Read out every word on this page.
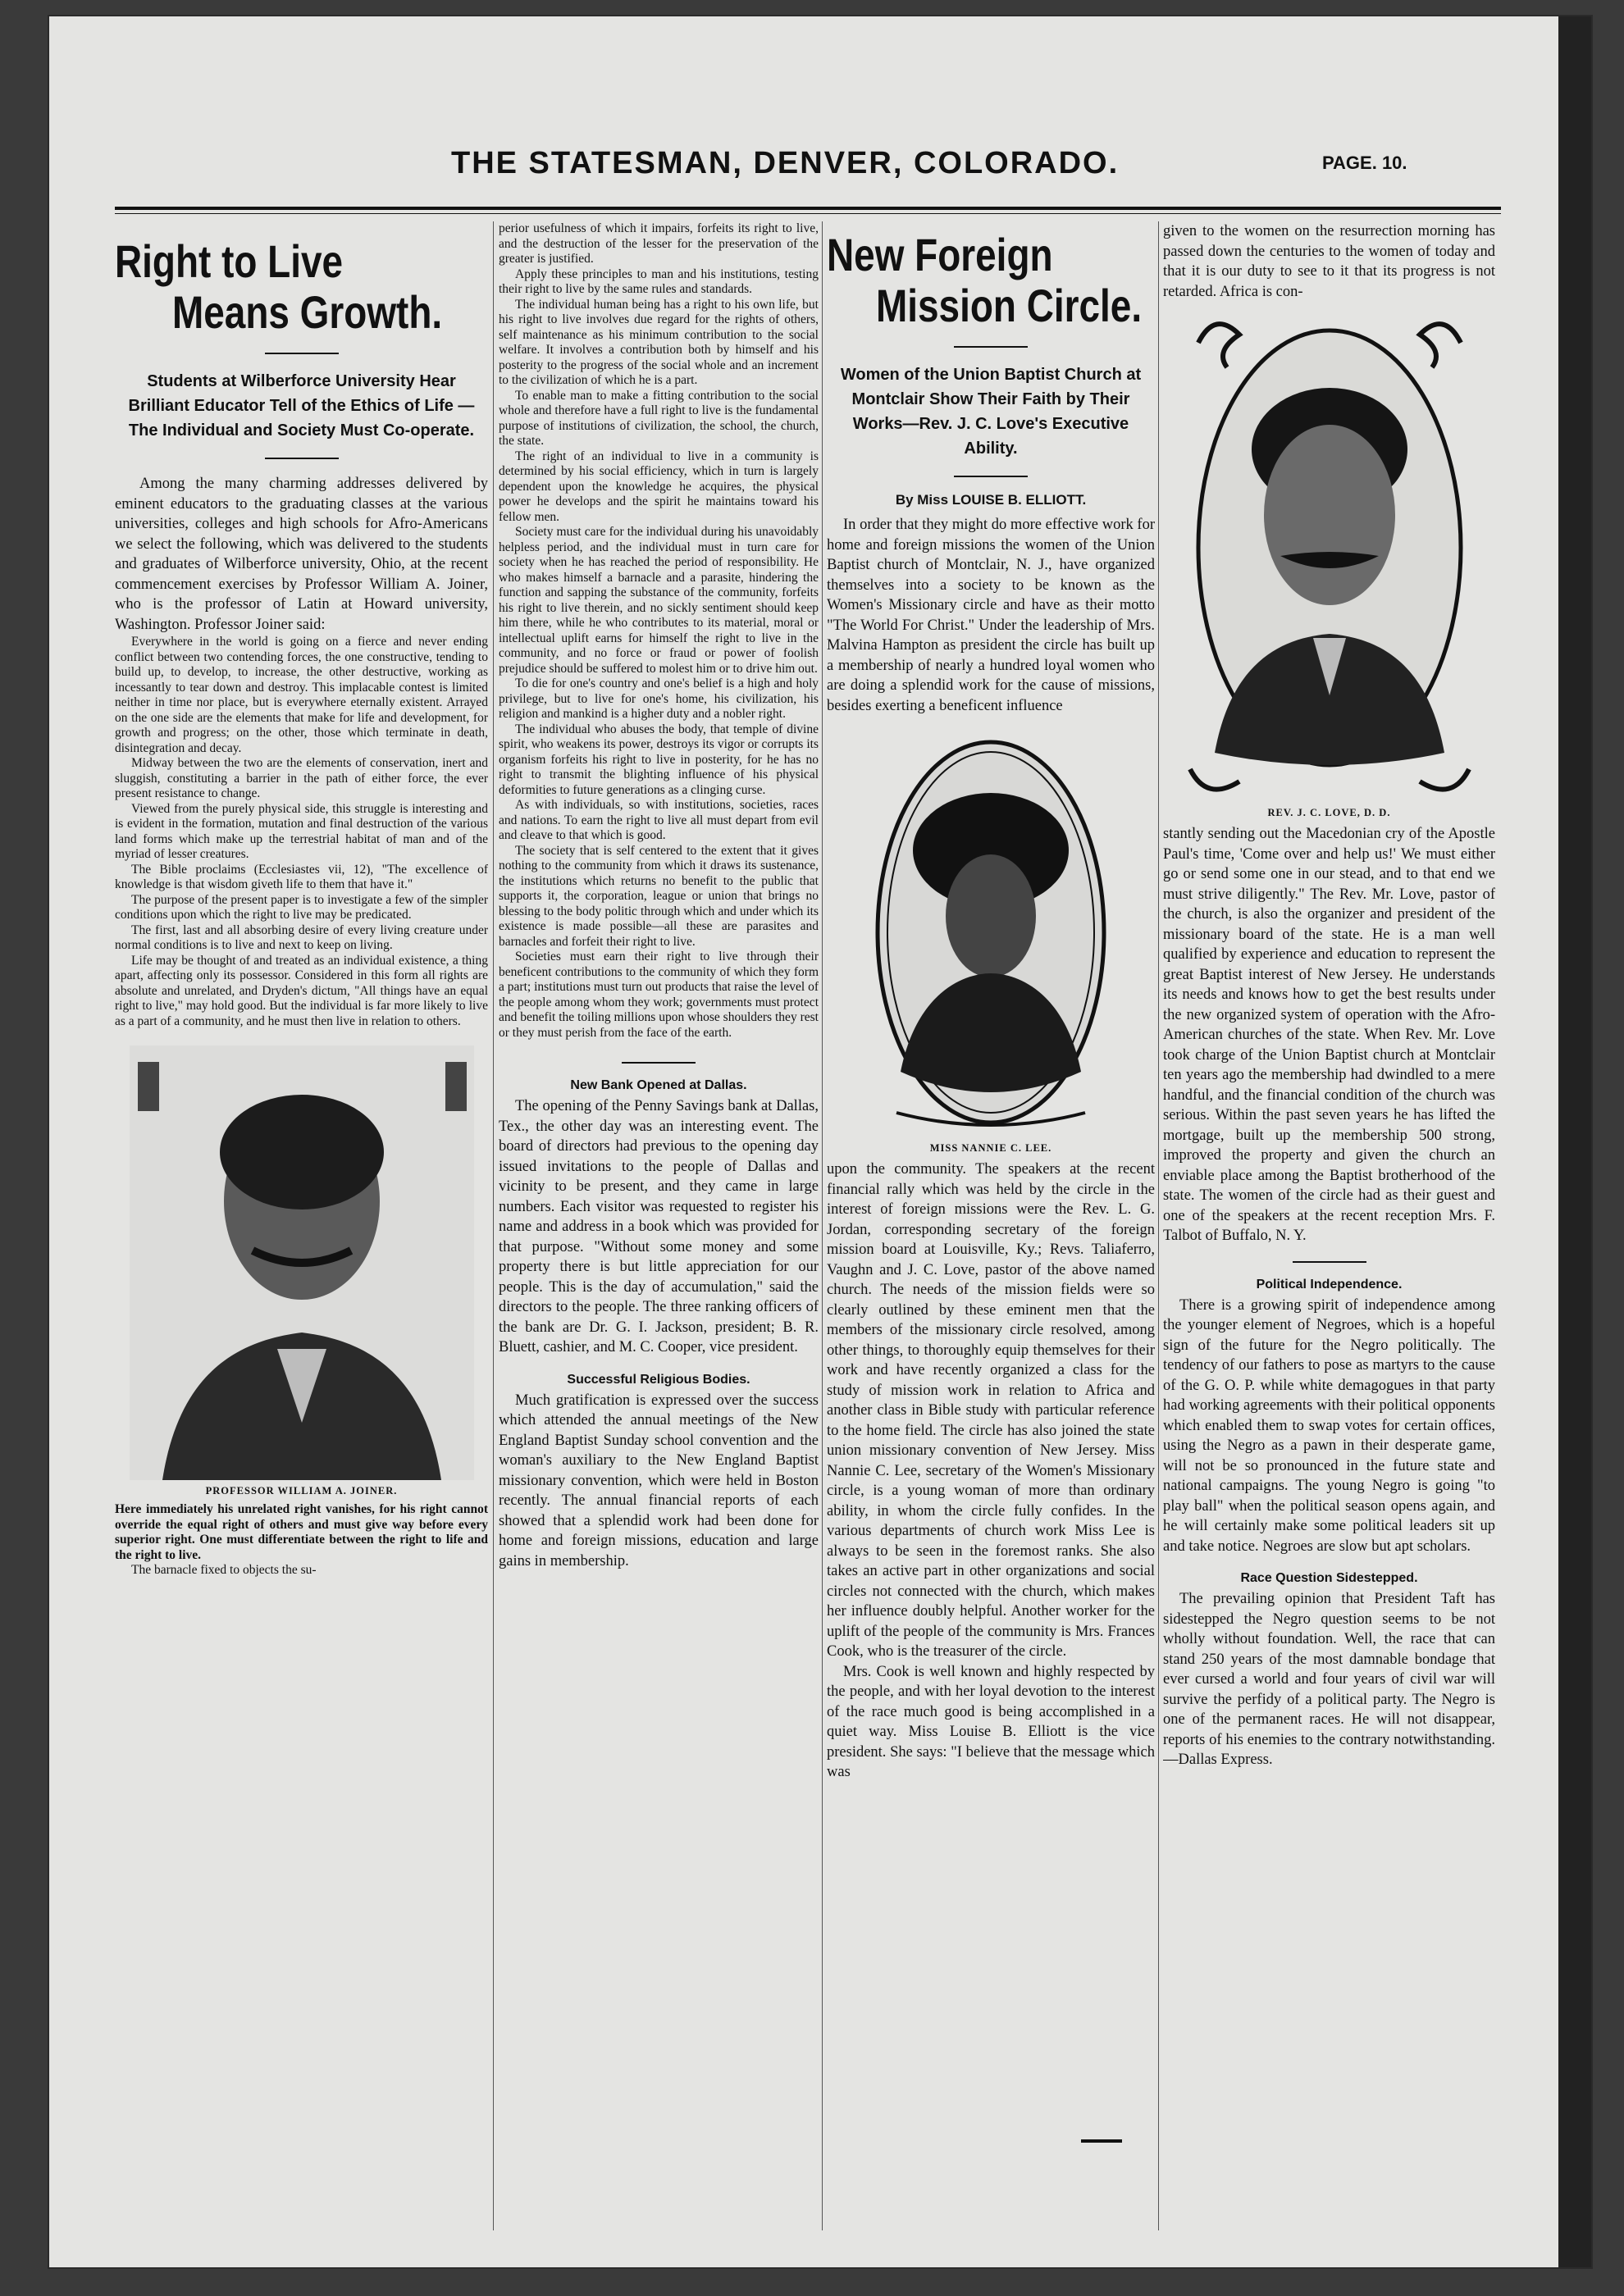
THE STATESMAN, DENVER, COLORADO.	PAGE. 10.
Right to Live
Means Growth.
Students at Wilberforce University Hear Brilliant Educator Tell of the Ethics of Life — The Individual and Society Must Co-operate.

Among the many charming addresses delivered by eminent educators to the graduating classes at the various universities, colleges and high schools for Afro-Americans we select the following, which was delivered to the students and graduates of Wilberforce university, Ohio, at the recent commencement exercises by Professor William A. Joiner, who is the professor of Latin at Howard university, Washington. Professor Joiner said:

Everywhere in the world is going on a fierce and never ending conflict between two contending forces, the one constructive, tending to build up, to develop, to increase, the other destructive, working as incessantly to tear down and destroy. This implacable contest is limited neither in time nor place, but is everywhere eternally existent. Arrayed on the one side are the elements that make for life and development, for growth and progress; on the other, those which terminate in death, disintegration and decay.

Midway between the two are the elements of conservation, inert and sluggish, constituting a barrier in the path of either force, the ever present resistance to change.

Viewed from the purely physical side, this struggle is interesting and is evident in the formation, mutation and final destruction of the various land forms which make up the terrestrial habitat of man and of the myriad of lesser creatures.

The Bible proclaims (Ecclesiastes vii, 12), "The excellence of knowledge is that wisdom giveth life to them that have it."

The purpose of the present paper is to investigate a few of the simpler conditions upon which the right to live may be predicated.

The first, last and all absorbing desire of every living creature under normal conditions is to live and next to keep on living.

Life may be thought of and treated as an individual existence, a thing apart, affecting only its possessor. Considered in this form all rights are absolute and unrelated, and Dryden's dictum, "All things have an equal right to live," may hold good. But the individual is far more likely to live as a part of a community, and he must then live in relation to others.

PROFESSOR WILLIAM A. JOINER.

Here immediately his unrelated right vanishes, for his right cannot override the equal right of others and must give way before every superior right. One must differentiate between the right to life and the right to live.

The barnacle fixed to objects the su-

perior usefulness of which it impairs, forfeits its right to live, and the destruction of the lesser for the preservation of the greater is justified.

Apply these principles to man and his institutions, testing their right to live by the same rules and standards.

The individual human being has a right to his own life, but his right to live involves due regard for the rights of others, self maintenance as his minimum contribution to the social welfare. It involves a contribution both by himself and his posterity to the progress of the social whole and an increment to the civilization of which he is a part.

To enable man to make a fitting contribution to the social whole and therefore have a full right to live is the fundamental purpose of institutions of civilization, the school, the church, the state.

The right of an individual to live in a community is determined by his social efficiency, which in turn is largely dependent upon the knowledge he acquires, the physical power he develops and the spirit he maintains toward his fellow men.

Society must care for the individual during his unavoidably helpless period, and the individual must in turn care for society when he has reached the period of responsibility. He who makes himself a barnacle and a parasite, hindering the function and sapping the substance of the community, forfeits his right to live therein, and no sickly sentiment should keep him there, while he who contributes to its material, moral or intellectual uplift earns for himself the right to live in the community, and no force or fraud or power of foolish prejudice should be suffered to molest him or to drive him out.

To die for one's country and one's belief is a high and holy privilege, but to live for one's home, his civilization, his religion and mankind is a higher duty and a nobler right.

The individual who abuses the body, that temple of divine spirit, who weakens its power, destroys its vigor or corrupts its organism forfeits his right to live in posterity, for he has no right to transmit the blighting influence of his physical deformities to future generations as a clinging curse.

As with individuals, so with institutions, societies, races and nations. To earn the right to live all must depart from evil and cleave to that which is good.

The society that is self centered to the extent that it gives nothing to the community from which it draws its sustenance, the institutions which returns no benefit to the public that supports it, the corporation, league or union that brings no blessing to the body politic through which and under which its existence is made possible—all these are parasites and barnacles and forfeit their right to live.

Societies must earn their right to live through their beneficent contributions to the community of which they form a part; institutions must turn out products that raise the level of the people among whom they work; governments must protect and benefit the toiling millions upon whose shoulders they rest or they must perish from the face of the earth.

New Bank Opened at Dallas.

The opening of the Penny Savings bank at Dallas, Tex., the other day was an interesting event. The board of directors had previous to the opening day issued invitations to the people of Dallas and vicinity to be present, and they came in large numbers. Each visitor was requested to register his name and address in a book which was provided for that purpose. "Without some money and some property there is but little appreciation for our people. This is the day of accumulation," said the directors to the people. The three ranking officers of the bank are Dr. G. I. Jackson, president; B. R. Bluett, cashier, and M. C. Cooper, vice president.

Successful Religious Bodies.

Much gratification is expressed over the success which attended the annual meetings of the New England Baptist Sunday school convention and the woman's auxiliary to the New England Baptist missionary convention, which were held in Boston recently. The annual financial reports of each showed that a splendid work had been done for home and foreign missions, education and large gains in membership.

New Foreign
Mission Circle.
Women of the Union Baptist Church at Montclair Show Their Faith by Their Works—Rev. J. C. Love's Executive Ability.
By Miss LOUISE B. ELLIOTT.

In order that they might do more effective work for home and foreign missions the women of the Union Baptist church of Montclair, N. J., have organized themselves into a society to be known as the Women's Missionary circle and have as their motto "The World For Christ." Under the leadership of Mrs. Malvina Hampton as president the circle has built up a membership of nearly a hundred loyal women who are doing a splendid work for the cause of missions, besides exerting a beneficent influence

MISS NANNIE C. LEE.

upon the community. The speakers at the recent financial rally which was held by the circle in the interest of foreign missions were the Rev. L. G. Jordan, corresponding secretary of the foreign mission board at Louisville, Ky.; Revs. Taliaferro, Vaughn and J. C. Love, pastor of the above named church. The needs of the mission fields were so clearly outlined by these eminent men that the members of the missionary circle resolved, among other things, to thoroughly equip themselves for their work and have recently organized a class for the study of mission work in relation to Africa and another class in Bible study with particular reference to the home field. The circle has also joined the state union missionary convention of New Jersey. Miss Nannie C. Lee, secretary of the Women's Missionary circle, is a young woman of more than ordinary ability, in whom the circle fully confides. In the various departments of church work Miss Lee is always to be seen in the foremost ranks. She also takes an active part in other organizations and social circles not connected with the church, which makes her influence doubly helpful. Another worker for the uplift of the people of the community is Mrs. Frances Cook, who is the treasurer of the circle.

Mrs. Cook is well known and highly respected by the people, and with her loyal devotion to the interest of the race much good is being accomplished in a quiet way. Miss Louise B. Elliott is the vice president. She says: "I believe that the message which was

given to the women on the resurrection morning has passed down the centuries to the women of today and that it is our duty to see to it that its progress is not retarded. Africa is con-

REV. J. C. LOVE, D. D.

stantly sending out the Macedonian cry of the Apostle Paul's time, 'Come over and help us!' We must either go or send some one in our stead, and to that end we must strive diligently." The Rev. Mr. Love, pastor of the church, is also the organizer and president of the missionary board of the state. He is a man well qualified by experience and education to represent the great Baptist interest of New Jersey. He understands its needs and knows how to get the best results under the new organized system of operation with the Afro-American churches of the state. When Rev. Mr. Love took charge of the Union Baptist church at Montclair ten years ago the membership had dwindled to a mere handful, and the financial condition of the church was serious. Within the past seven years he has lifted the mortgage, built up the membership 500 strong, improved the property and given the church an enviable place among the Baptist brotherhood of the state. The women of the circle had as their guest and one of the speakers at the recent reception Mrs. F. Talbot of Buffalo, N. Y.

Political Independence.

There is a growing spirit of independence among the younger element of Negroes, which is a hopeful sign of the future for the Negro politically. The tendency of our fathers to pose as martyrs to the cause of the G. O. P. while white demagogues in that party had working agreements with their political opponents which enabled them to swap votes for certain offices, using the Negro as a pawn in their desperate game, will not be so pronounced in the future state and national campaigns. The young Negro is going "to play ball" when the political season opens again, and he will certainly make some political leaders sit up and take notice. Negroes are slow but apt scholars.

Race Question Sidestepped.

The prevailing opinion that President Taft has sidestepped the Negro question seems to be not wholly without foundation. Well, the race that can stand 250 years of the most damnable bondage that ever cursed a world and four years of civil war will survive the perfidy of a political party. The Negro is one of the permanent races. He will not disappear, reports of his enemies to the contrary notwithstanding.—Dallas Express.
